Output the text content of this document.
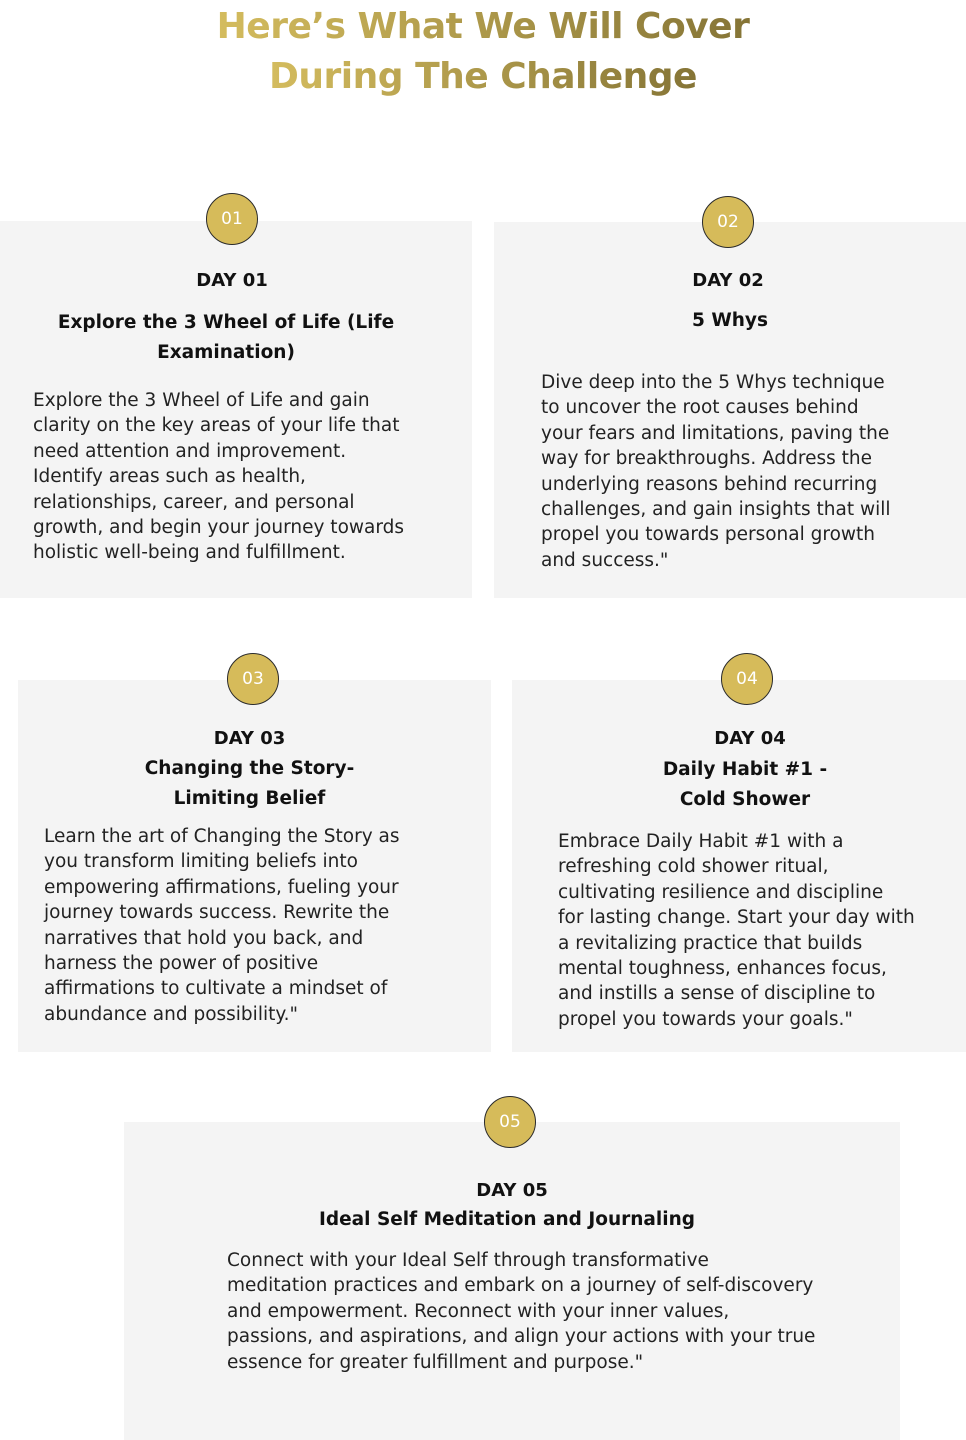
Here’s What We Will Cover
During The Challenge
01
DAY 01
Explore the 3 Wheel of Life (Life
Examination)
Explore the 3 Wheel of Life and gain
clarity on the key areas of your life that
need attention and improvement.
Identify areas such as health,
relationships, career, and personal
growth, and begin your journey towards
holistic well-being and fulfillment.
02
DAY 02
5 Whys
Dive deep into the 5 Whys technique
to uncover the root causes behind
your fears and limitations, paving the
way for breakthroughs. Address the
underlying reasons behind recurring
challenges, and gain insights that will
propel you towards personal growth
and success."
03
DAY 03
Changing the Story-
Limiting Belief
Learn the art of Changing the Story as
you transform limiting beliefs into
empowering affirmations, fueling your
journey towards success. Rewrite the
narratives that hold you back, and
harness the power of positive
affirmations to cultivate a mindset of
abundance and possibility."
04
DAY 04
Daily Habit #1 -
Cold Shower
Embrace Daily Habit #1 with a
refreshing cold shower ritual,
cultivating resilience and discipline
for lasting change. Start your day with
a revitalizing practice that builds
mental toughness, enhances focus,
and instills a sense of discipline to
propel you towards your goals."
05
DAY 05
Ideal Self Meditation and Journaling
Connect with your Ideal Self through transformative
meditation practices and embark on a journey of self-discovery
and empowerment. Reconnect with your inner values,
passions, and aspirations, and align your actions with your true
essence for greater fulfillment and purpose."
